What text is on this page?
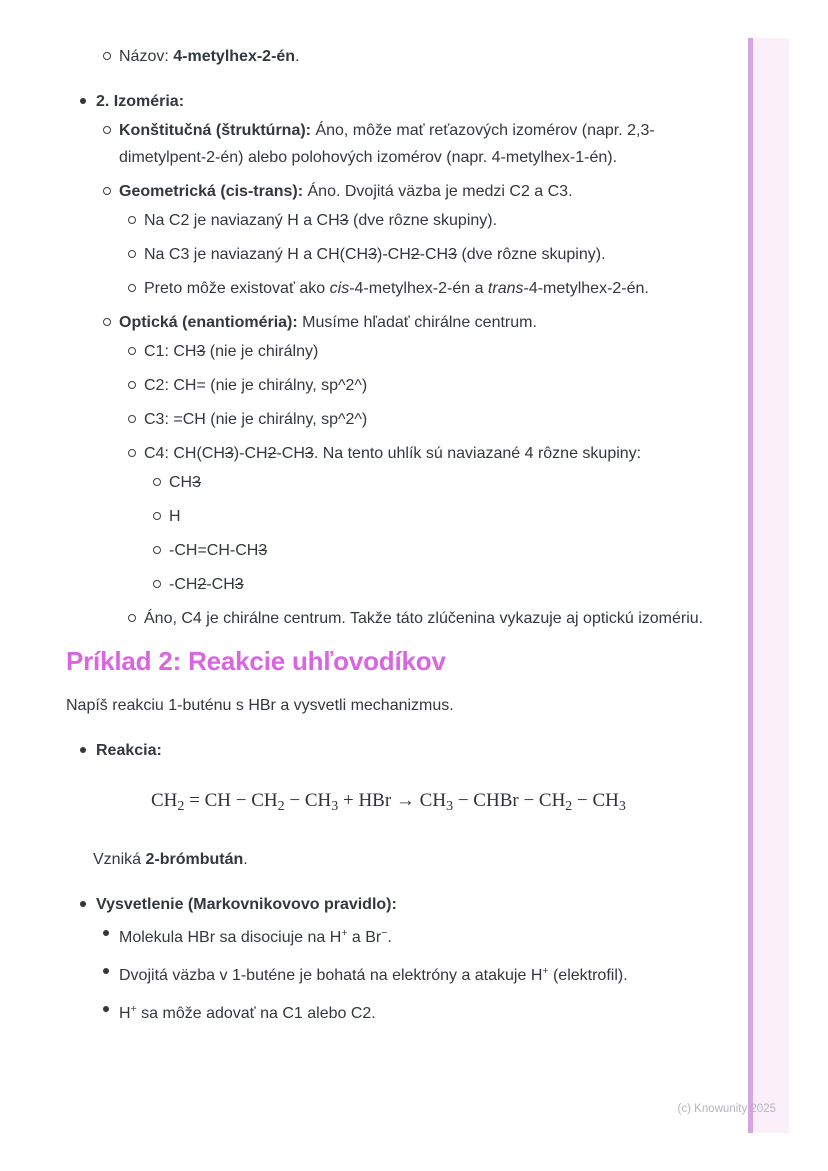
Názov: 4-metylhex-2-én.
2. Izoméria:
Konštitučná (štruktúrna): Áno, môže mať reťazových izomérov (napr. 2,3-dimetylpent-2-én) alebo polohových izomérov (napr. 4-metylhex-1-én).
Geometrická (cis-trans): Áno. Dvojitá väzba je medzi C2 a C3.
Na C2 je naviazaný H a CH3 (dve rôzne skupiny).
Na C3 je naviazaný H a CH(CH3)-CH2-CH3 (dve rôzne skupiny).
Preto môže existovať ako cis-4-metylhex-2-én a trans-4-metylhex-2-én.
Optická (enantioméria): Musíme hľadať chirálne centrum.
C1: CH3 (nie je chirálny)
C2: CH= (nie je chirálny, sp^2^)
C3: =CH (nie je chirálny, sp^2^)
C4: CH(CH3)-CH2-CH3. Na tento uhlík sú naviazané 4 rôzne skupiny:
CH3
H
-CH=CH-CH3
-CH2-CH3
Áno, C4 je chirálne centrum. Takže táto zlúčenina vykazuje aj optickú izomériu.
Príklad 2: Reakcie uhľovodíkov
Napíš reakciu 1-buténu s HBr a vysvetli mechanizmus.
Reakcia:
$CH_2$ = CH − $CH_2 - CH_3$ + HBr → $CH_3$ − CHBr − $CH_2 - CH_3$
Vzniká 2-brómbután.
Vysvetlenie (Markovnikovovo pravidlo):
Molekula HBr sa disociuje na H+ a Br−.
Dvojitá väzba v 1-buténe je bohatá na elektróny a atakuje H+ (elektrofil).
H+ sa môže adovať na C1 alebo C2.
(c) Knowunity 2025
